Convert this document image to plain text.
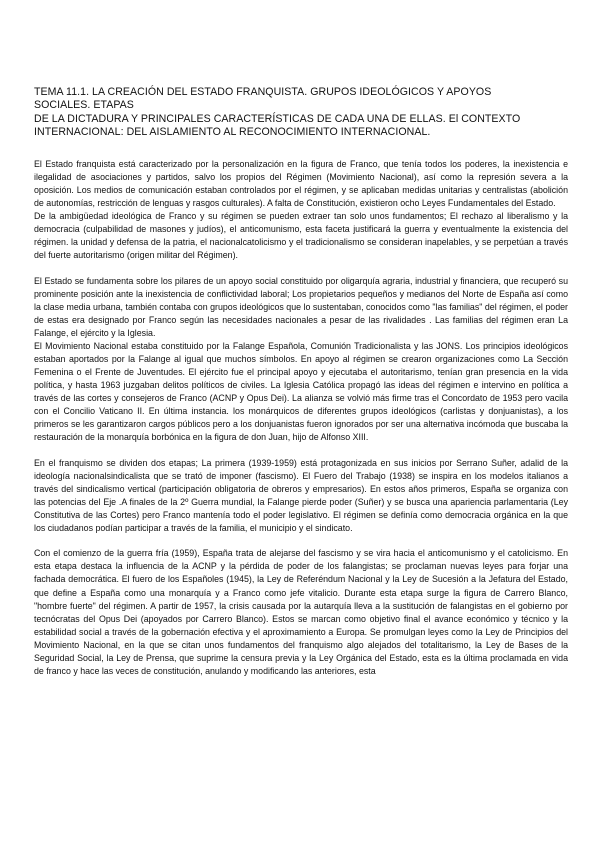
TEMA 11.1. LA CREACIÓN DEL ESTADO FRANQUISTA. GRUPOS IDEOLÓGICOS Y APOYOS
SOCIALES. ETAPAS
DE LA DICTADURA Y PRINCIPALES CARACTERÍSTICAS DE CADA UNA DE ELLAS. El CONTEXTO
INTERNACIONAL: DEL AISLAMIENTO AL RECONOCIMIENTO INTERNACIONAL.
El Estado franquista está caracterizado por la personalización en la figura de Franco, que tenía todos los poderes, la inexistencia e ilegalidad de asociaciones y partidos, salvo los propios del Régimen (Movimiento Nacional), así como la represión severa a la oposición. Los medios de comunicación estaban controlados por el régimen, y se aplicaban medidas unitarias y centralistas (abolición de autonomías, restricción de lenguas y rasgos culturales). A falta de Constitución, existieron ocho Leyes Fundamentales del Estado.
De la ambigüedad ideológica de Franco y su régimen se pueden extraer tan solo unos fundamentos; El rechazo al liberalismo y la democracia (culpabilidad de masones y judíos), el anticomunismo, esta faceta justificará la guerra y eventualmente la existencia del régimen. la unidad y defensa de la patria, el nacionalcatolicismo y el tradicionalismo se consideran inapelables, y se perpetúan a través del fuerte autoritarismo (origen militar del Régimen).
El Estado se fundamenta sobre los pilares de un apoyo social constituido por oligarquía agraria, industrial y financiera, que recuperó su prominente posición ante la inexistencia de conflictividad laboral; Los propietarios pequeños y medianos del Norte de España así como la clase media urbana, también contaba con grupos ideológicos que lo sustentaban, conocidos como "las familias" del régimen, el poder de estas era designado por Franco según las necesidades nacionales a pesar de las rivalidades . Las familias del régimen eran La Falange, el ejército y la Iglesia.
El Movimiento Nacional estaba constituido por la Falange Española, Comunión Tradicionalista y las JONS. Los principios ideológicos estaban aportados por la Falange al igual que muchos símbolos. En apoyo al régimen se crearon organizaciones como La Sección Femenina o el Frente de Juventudes. El ejército fue el principal apoyo y ejecutaba el autoritarismo, tenían gran presencia en la vida política, y hasta 1963 juzgaban delitos políticos de civiles. La Iglesia Católica propagó las ideas del régimen e intervino en política a través de las cortes y consejeros de Franco (ACNP y Opus Dei). La alianza se volvió más firme tras el Concordato de 1953 pero vacila con el Concilio Vaticano II. En última instancia. los monárquicos de diferentes grupos ideológicos (carlistas y donjuanistas), a los primeros se les garantizaron cargos públicos pero a los donjuanistas fueron ignorados por ser una alternativa incómoda que buscaba la restauración de la monarquía borbónica en la figura de don Juan, hijo de Alfonso XIII.
En el franquismo se dividen dos etapas; La primera (1939-1959) está protagonizada en sus inicios por Serrano Suñer, adalid de la ideología nacionalsindicalista que se trató de imponer (fascismo). El Fuero del Trabajo (1938) se inspira en los modelos italianos a través del sindicalismo vertical (participación obligatoria de obreros y empresarios). En estos años primeros, España se organiza con las potencias del Eje .A finales de la 2º Guerra mundial, la Falange pierde poder (Suñer) y se busca una apariencia parlamentaria (Ley Constitutiva de las Cortes) pero Franco mantenía todo el poder legislativo. El régimen se definía como democracia orgánica en la que los ciudadanos podían participar a través de la familia, el municipio y el sindicato.
Con el comienzo de la guerra fría (1959), España trata de alejarse del fascismo y se vira hacia el anticomunismo y el catolicismo. En esta etapa destaca la influencia de la ACNP y la pérdida de poder de los falangistas; se proclaman nuevas leyes para forjar una fachada democrática. El fuero de los Españoles (1945), la Ley de Referéndum Nacional y la Ley de Sucesión a la Jefatura del Estado, que define a España como una monarquía y a Franco como jefe vitalicio. Durante esta etapa surge la figura de Carrero Blanco, "hombre fuerte" del régimen. A partir de 1957, la crisis causada por la autarquía lleva a la sustitución de falangistas en el gobierno por tecnócratas del Opus Dei (apoyados por Carrero Blanco). Estos se marcan como objetivo final el avance económico y técnico y la estabilidad social a través de la gobernación efectiva y el aproximamiento a Europa. Se promulgan leyes como la Ley de Principios del Movimiento Nacional, en la que se citan unos fundamentos del franquismo algo alejados del totalitarismo, la Ley de Bases de la Seguridad Social, la Ley de Prensa, que suprime la censura previa y la Ley Orgánica del Estado, esta es la última proclamada en vida de franco y hace las veces de constitución, anulando y modificando las anteriores, esta
